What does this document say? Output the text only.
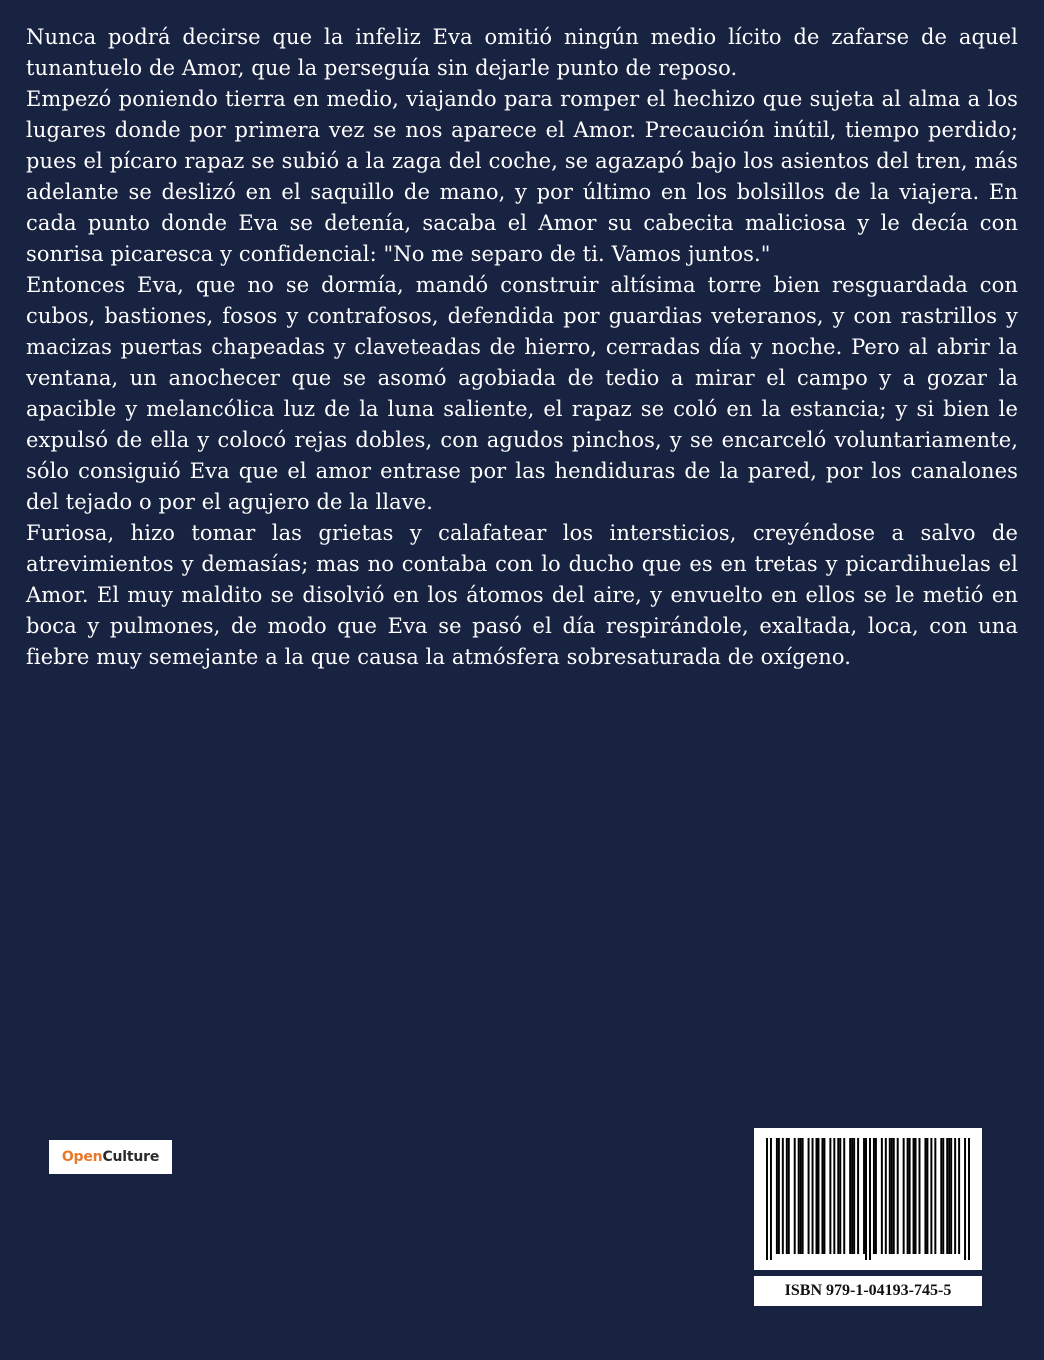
Nunca podrá decirse que la infeliz Eva omitió ningún medio lícito de zafarse de aquel tunantuelo de Amor, que la perseguía sin dejarle punto de reposo.

Empezó poniendo tierra en medio, viajando para romper el hechizo que sujeta al alma a los lugares donde por primera vez se nos aparece el Amor. Precaución inútil, tiempo perdido; pues el pícaro rapaz se subió a la zaga del coche, se agazapó bajo los asientos del tren, más adelante se deslizó en el saquillo de mano, y por último en los bolsillos de la viajera. En cada punto donde Eva se detenía, sacaba el Amor su cabecita maliciosa y le decía con sonrisa picaresca y confidencial: "No me separo de ti. Vamos juntos."

Entonces Eva, que no se dormía, mandó construir altísima torre bien resguardada con cubos, bastiones, fosos y contrafosos, defendida por guardias veteranos, y con rastrillos y macizas puertas chapeadas y claveteadas de hierro, cerradas día y noche. Pero al abrir la ventana, un anochecer que se asomó agobiada de tedio a mirar el campo y a gozar la apacible y melancólica luz de la luna saliente, el rapaz se coló en la estancia; y si bien le expulsó de ella y colocó rejas dobles, con agudos pinchos, y se encarceló voluntariamente, sólo consiguió Eva que el amor entrase por las hendiduras de la pared, por los canalones del tejado o por el agujero de la llave.

Furiosa, hizo tomar las grietas y calafatear los intersticios, creyéndose a salvo de atrevimientos y demasías; mas no contaba con lo ducho que es en tretas y picardihuelas el Amor. El muy maldito se disolvió en los átomos del aire, y envuelto en ellos se le metió en boca y pulmones, de modo que Eva se pasó el día respirándole, exaltada, loca, con una fiebre muy semejante a la que causa la atmósfera sobresaturada de oxígeno.

Open Culture
ISBN 979-1-04193-745-5
